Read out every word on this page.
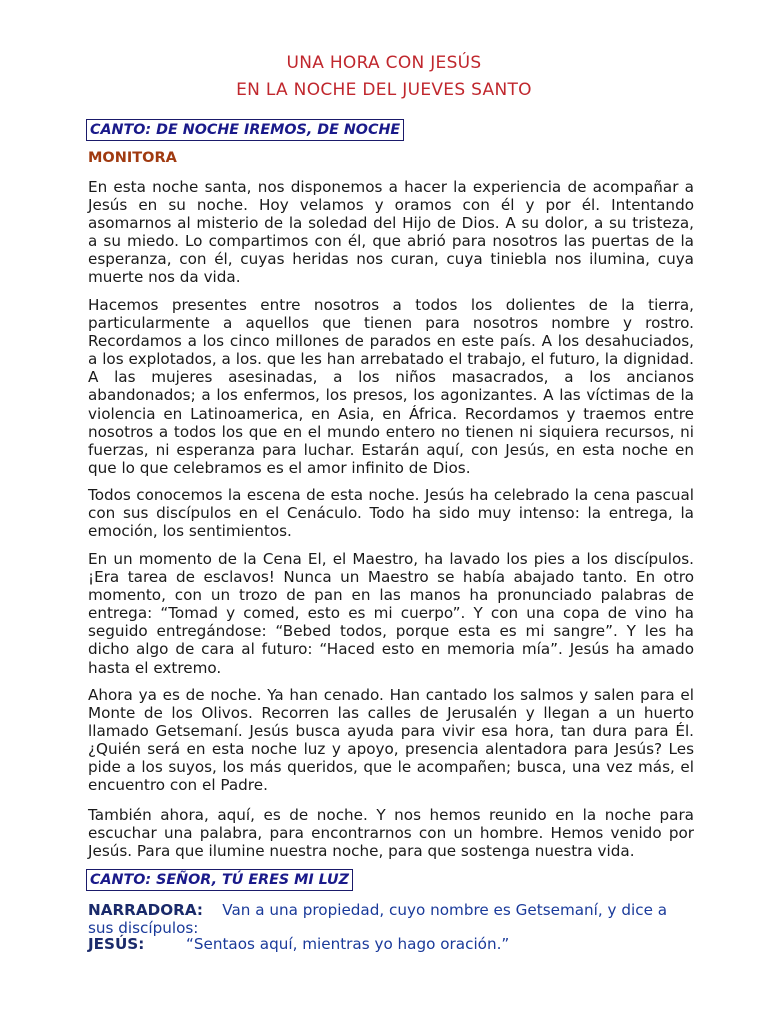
UNA HORA CON JESÚS
EN LA NOCHE DEL JUEVES SANTO
CANTO: DE NOCHE IREMOS, DE NOCHE
MONITORA
En esta noche santa, nos disponemos a hacer la experiencia de acompañar a Jesús en su noche. Hoy velamos y oramos con él y por él. Intentando asomarnos al misterio de la soledad del Hijo de Dios. A su dolor, a su tristeza, a su miedo. Lo compartimos con él, que abrió para nosotros las puertas de la esperanza, con él, cuyas heridas nos curan, cuya tiniebla nos ilumina, cuya muerte nos da vida.
Hacemos presentes entre nosotros a todos los dolientes de la tierra, particularmente a aquellos que tienen para nosotros nombre y rostro. Recordamos a los cinco millones de parados en este país. A los desahuciados, a los explotados, a los. que les han arrebatado el trabajo, el futuro, la dignidad. A las mujeres asesinadas, a los niños masacrados, a los ancianos abandonados; a los enfermos, los presos, los agonizantes. A las víctimas de la violencia en Latinoamerica, en Asia, en África. Recordamos y traemos entre nosotros a todos los que en el mundo entero no tienen ni siquiera recursos, ni fuerzas, ni esperanza para luchar. Estarán aquí, con Jesús, en esta noche en que lo que celebramos es el amor infinito de Dios.
Todos conocemos la escena de esta noche. Jesús ha celebrado la cena pascual con sus discípulos en el Cenáculo. Todo ha sido muy intenso: la entrega, la emoción, los sentimientos.
En un momento de la Cena El, el Maestro, ha lavado los pies a los discípulos. ¡Era tarea de esclavos! Nunca un Maestro se había abajado tanto. En otro momento, con un trozo de pan en las manos ha pronunciado palabras de entrega: “Tomad y comed, esto es mi cuerpo”. Y con una copa de vino ha seguido entregándose: “Bebed todos, porque esta es mi sangre”. Y les ha dicho algo de cara al futuro: “Haced esto en memoria mía”. Jesús ha amado hasta el extremo.
Ahora ya es de noche. Ya han cenado. Han cantado los salmos y salen para el Monte de los Olivos. Recorren las calles de Jerusalén y llegan a un huerto llamado Getsemaní. Jesús busca ayuda para vivir esa hora, tan dura para Él.¿Quién será en esta noche luz y apoyo, presencia alentadora para Jesús? Les pide a los suyos, los más queridos, que le acompañen; busca, una vez más, el encuentro con el Padre.
También ahora, aquí, es de noche. Y nos hemos reunido en la noche para escuchar una palabra, para encontrarnos con un hombre. Hemos venido por Jesús. Para que ilumine nuestra noche, para que sostenga nuestra vida.
CANTO: SEÑOR, TÚ ERES MI LUZ
NARRADORA: Van a una propiedad, cuyo nombre es Getsemaní, y dice a sus discípulos:
JESÚS:	“Sentaos aquí, mientras yo hago oración.”
